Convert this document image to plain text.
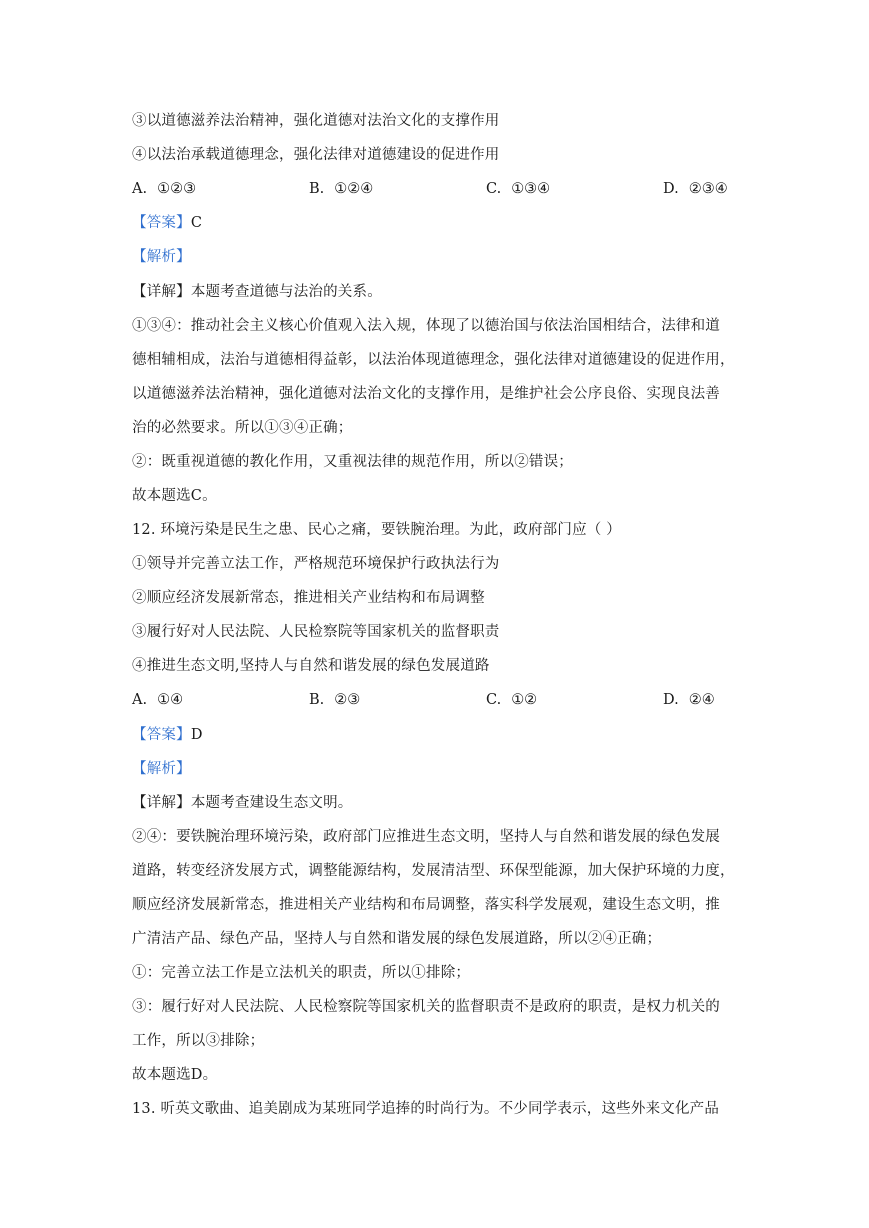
③以道德滋养法治精神，强化道德对法治文化的支撑作用
④以法治承载道德理念，强化法律对道德建设的促进作用
A. ①②③	B. ①②④	C. ①③④	D. ②③④
【答案】C
【解析】
【详解】本题考查道德与法治的关系。
①③④：推动社会主义核心价值观入法入规，体现了以德治国与依法治国相结合，法律和道
德相辅相成，法治与道德相得益彰，以法治体现道德理念，强化法律对道德建设的促进作用，
以道德滋养法治精神，强化道德对法治文化的支撑作用，是维护社会公序良俗、实现良法善
治的必然要求。所以①③④正确；
②：既重视道德的教化作用，又重视法律的规范作用，所以②错误；
故本题选C。
12. 环境污染是民生之患、民心之痛，要铁腕治理。为此，政府部门应（ ）
①领导并完善立法工作，严格规范环境保护行政执法行为
②顺应经济发展新常态，推进相关产业结构和布局调整
③履行好对人民法院、人民检察院等国家机关的监督职责
④推进生态文明,坚持人与自然和谐发展的绿色发展道路
A. ①④	B. ②③	C. ①②	D. ②④
【答案】D
【解析】
【详解】本题考查建设生态文明。
②④：要铁腕治理环境污染，政府部门应推进生态文明，坚持人与自然和谐发展的绿色发展
道路，转变经济发展方式，调整能源结构，发展清洁型、环保型能源，加大保护环境的力度，
顺应经济发展新常态，推进相关产业结构和布局调整，落实科学发展观，建设生态文明，推
广清洁产品、绿色产品，坚持人与自然和谐发展的绿色发展道路，所以②④正确；
①：完善立法工作是立法机关的职责，所以①排除；
③：履行好对人民法院、人民检察院等国家机关的监督职责不是政府的职责，是权力机关的
工作，所以③排除；
故本题选D。
13. 听英文歌曲、追美剧成为某班同学追捧的时尚行为。不少同学表示，这些外来文化产品
